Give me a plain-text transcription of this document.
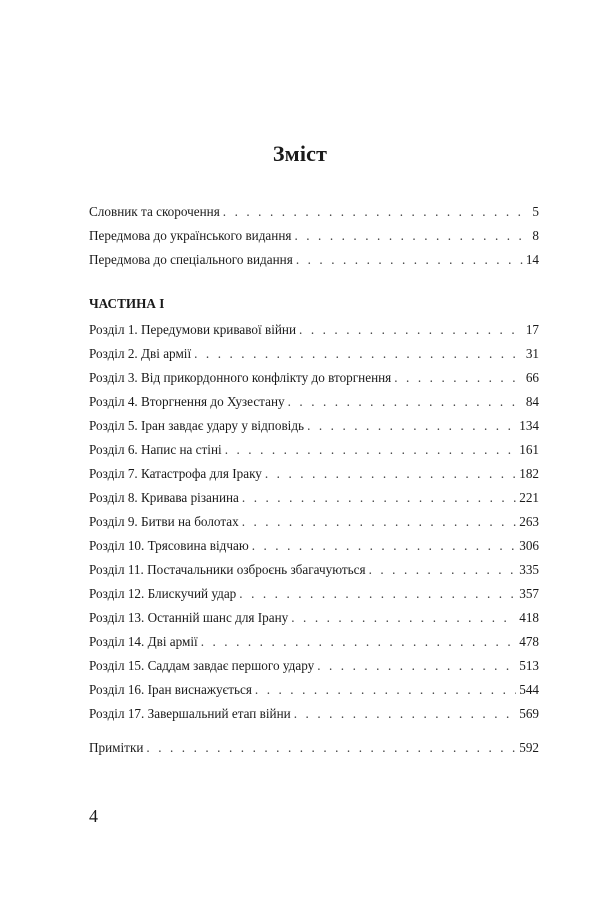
Зміст
Словник та скорочення . . .	5
Передмова до українського видання . . .	8
Передмова до спеціального видання . . .	14
Розділ 1. Передумови кривавої війни . . .	17
Розділ 2. Дві армії . . .	31
Розділ 3. Від прикордонного конфлікту до вторгнення . . .	66
Розділ 4. Вторгнення до Хузестану . . .	84
Розділ 5. Іран завдає удару у відповідь . . .	134
Розділ 6. Напис на стіні . . .	161
Розділ 7. Катастрофа для Іраку . . .	182
Розділ 8. Кривава різанина . . .	221
Розділ 9. Битви на болотах . . .	263
Розділ 10. Трясовина відчаю . . .	306
Розділ 11. Постачальники озброєнь збагачуються . . .	335
Розділ 12. Блискучий удар . . .	357
Розділ 13. Останній шанс для Ірану . . .	418
Розділ 14. Дві армії . . .	478
Розділ 15. Саддам завдає першого удару . . .	513
Розділ 16. Іран виснажується . . .	544
Розділ 17. Завершальний етап війни . . .	569
Примітки . . .	592
ЧАСТИНА I
4
